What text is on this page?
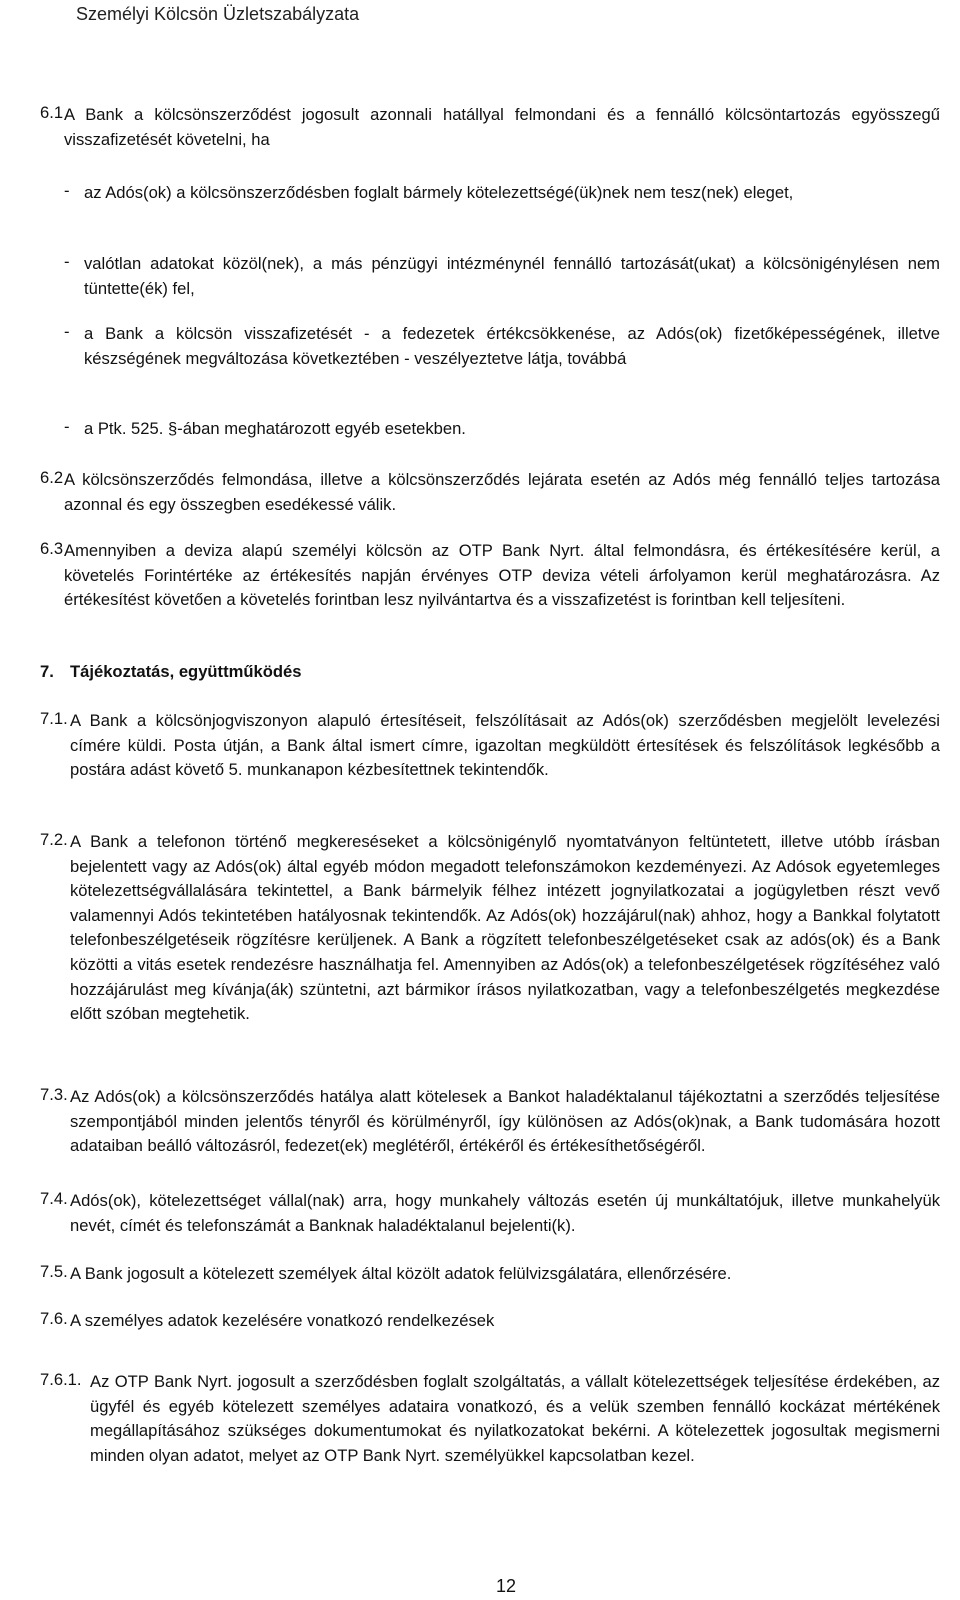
Személyi Kölcsön Üzletszabályzata
6.1 A Bank a kölcsönszerződést jogosult azonnali hatállyal felmondani és a fennálló kölcsöntartozás egyösszegű visszafizetését követelni, ha
- az Adós(ok) a kölcsönszerződésben foglalt bármely kötelezettségé(ük)nek nem tesz(nek) eleget,
- valótlan adatokat közöl(nek), a más pénzügyi intézménynél fennálló tartozását(ukat) a kölcsönigénylésen nem tüntette(ék) fel,
- a Bank a kölcsön visszafizetését - a fedezetek értékcsökkenése, az Adós(ok) fizetőképességének, illetve készségének megváltozása következtében - veszélyeztetve látja, továbbá
- a Ptk. 525. §-ában meghatározott egyéb esetekben.
6.2 A kölcsönszerződés felmondása, illetve a kölcsönszerződés lejárata esetén az Adós még fennálló teljes tartozása azonnal és egy összegben esedékessé válik.
6.3 Amennyiben a deviza alapú személyi kölcsön az OTP Bank Nyrt. által felmondásra, és értékesítésére kerül, a követelés Forintértéke az értékesítés napján érvényes OTP deviza vételi árfolyamon kerül meghatározásra. Az értékesítést követően a követelés forintban lesz nyilvántartva és a visszafizetést is forintban kell teljesíteni.
7. Tájékoztatás, együttműködés
7.1. A Bank a kölcsönjogviszonyon alapuló értesítéseit, felszólításait az Adós(ok) szerződésben megjelölt levelezési címére küldi. Posta útján, a Bank által ismert címre, igazoltan megküldött értesítések és felszólítások legkésőbb a postára adást követő 5. munkanapon kézbesítettnek tekintendők.
7.2. A Bank a telefonon történő megkereséseket a kölcsönigénylő nyomtatványon feltüntetett, illetve utóbb írásban bejelentett vagy az Adós(ok) által egyéb módon megadott telefonszámokon kezdeményezi. Az Adósok egyetemleges kötelezettségvállalására tekintettel, a Bank bármelyik félhez intézett jognyilatkozatai a jogügyletben részt vevő valamennyi Adós tekintetében hatályosnak tekintendők. Az Adós(ok) hozzájárul(nak) ahhoz, hogy a Bankkal folytatott telefonbeszélgetéseik rögzítésre kerüljenek. A Bank a rögzített telefonbeszélgetéseket csak az adós(ok) és a Bank közötti a vitás esetek rendezésre használhatja fel. Amennyiben az Adós(ok) a telefonbeszélgetések rögzítéséhez való hozzájárulást meg kívánja(ák) szüntetni, azt bármikor írásos nyilatkozatban, vagy a telefonbeszélgetés megkezdése előtt szóban megtehetik.
7.3. Az Adós(ok) a kölcsönszerződés hatálya alatt kötelesek a Bankot haladéktalanul tájékoztatni a szerződés teljesítése szempontjából minden jelentős tényről és körülményről, így különösen az Adós(ok)nak, a Bank tudomására hozott adataiban beálló változásról, fedezet(ek) meglétéről, értékéről és értékesíthetőségéről.
7.4. Adós(ok), kötelezettséget vállal(nak) arra, hogy munkahely változás esetén új munkáltatójuk, illetve munkahelyük nevét, címét és telefonszámát a Banknak haladéktalanul bejelenti(k).
7.5. A Bank jogosult a kötelezett személyek által közölt adatok felülvizsgálatára, ellenőrzésére.
7.6. A személyes adatok kezelésére vonatkozó rendelkezések
7.6.1. Az OTP Bank Nyrt. jogosult a szerződésben foglalt szolgáltatás, a vállalt kötelezettségek teljesítése érdekében, az ügyfél és egyéb kötelezett személyes adataira vonatkozó, és a velük szemben fennálló kockázat mértékének megállapításához szükséges dokumentumokat és nyilatkozatokat bekérni. A kötelezettek jogosultak megismerni minden olyan adatot, melyet az OTP Bank Nyrt. személyükkel kapcsolatban kezel.
12
